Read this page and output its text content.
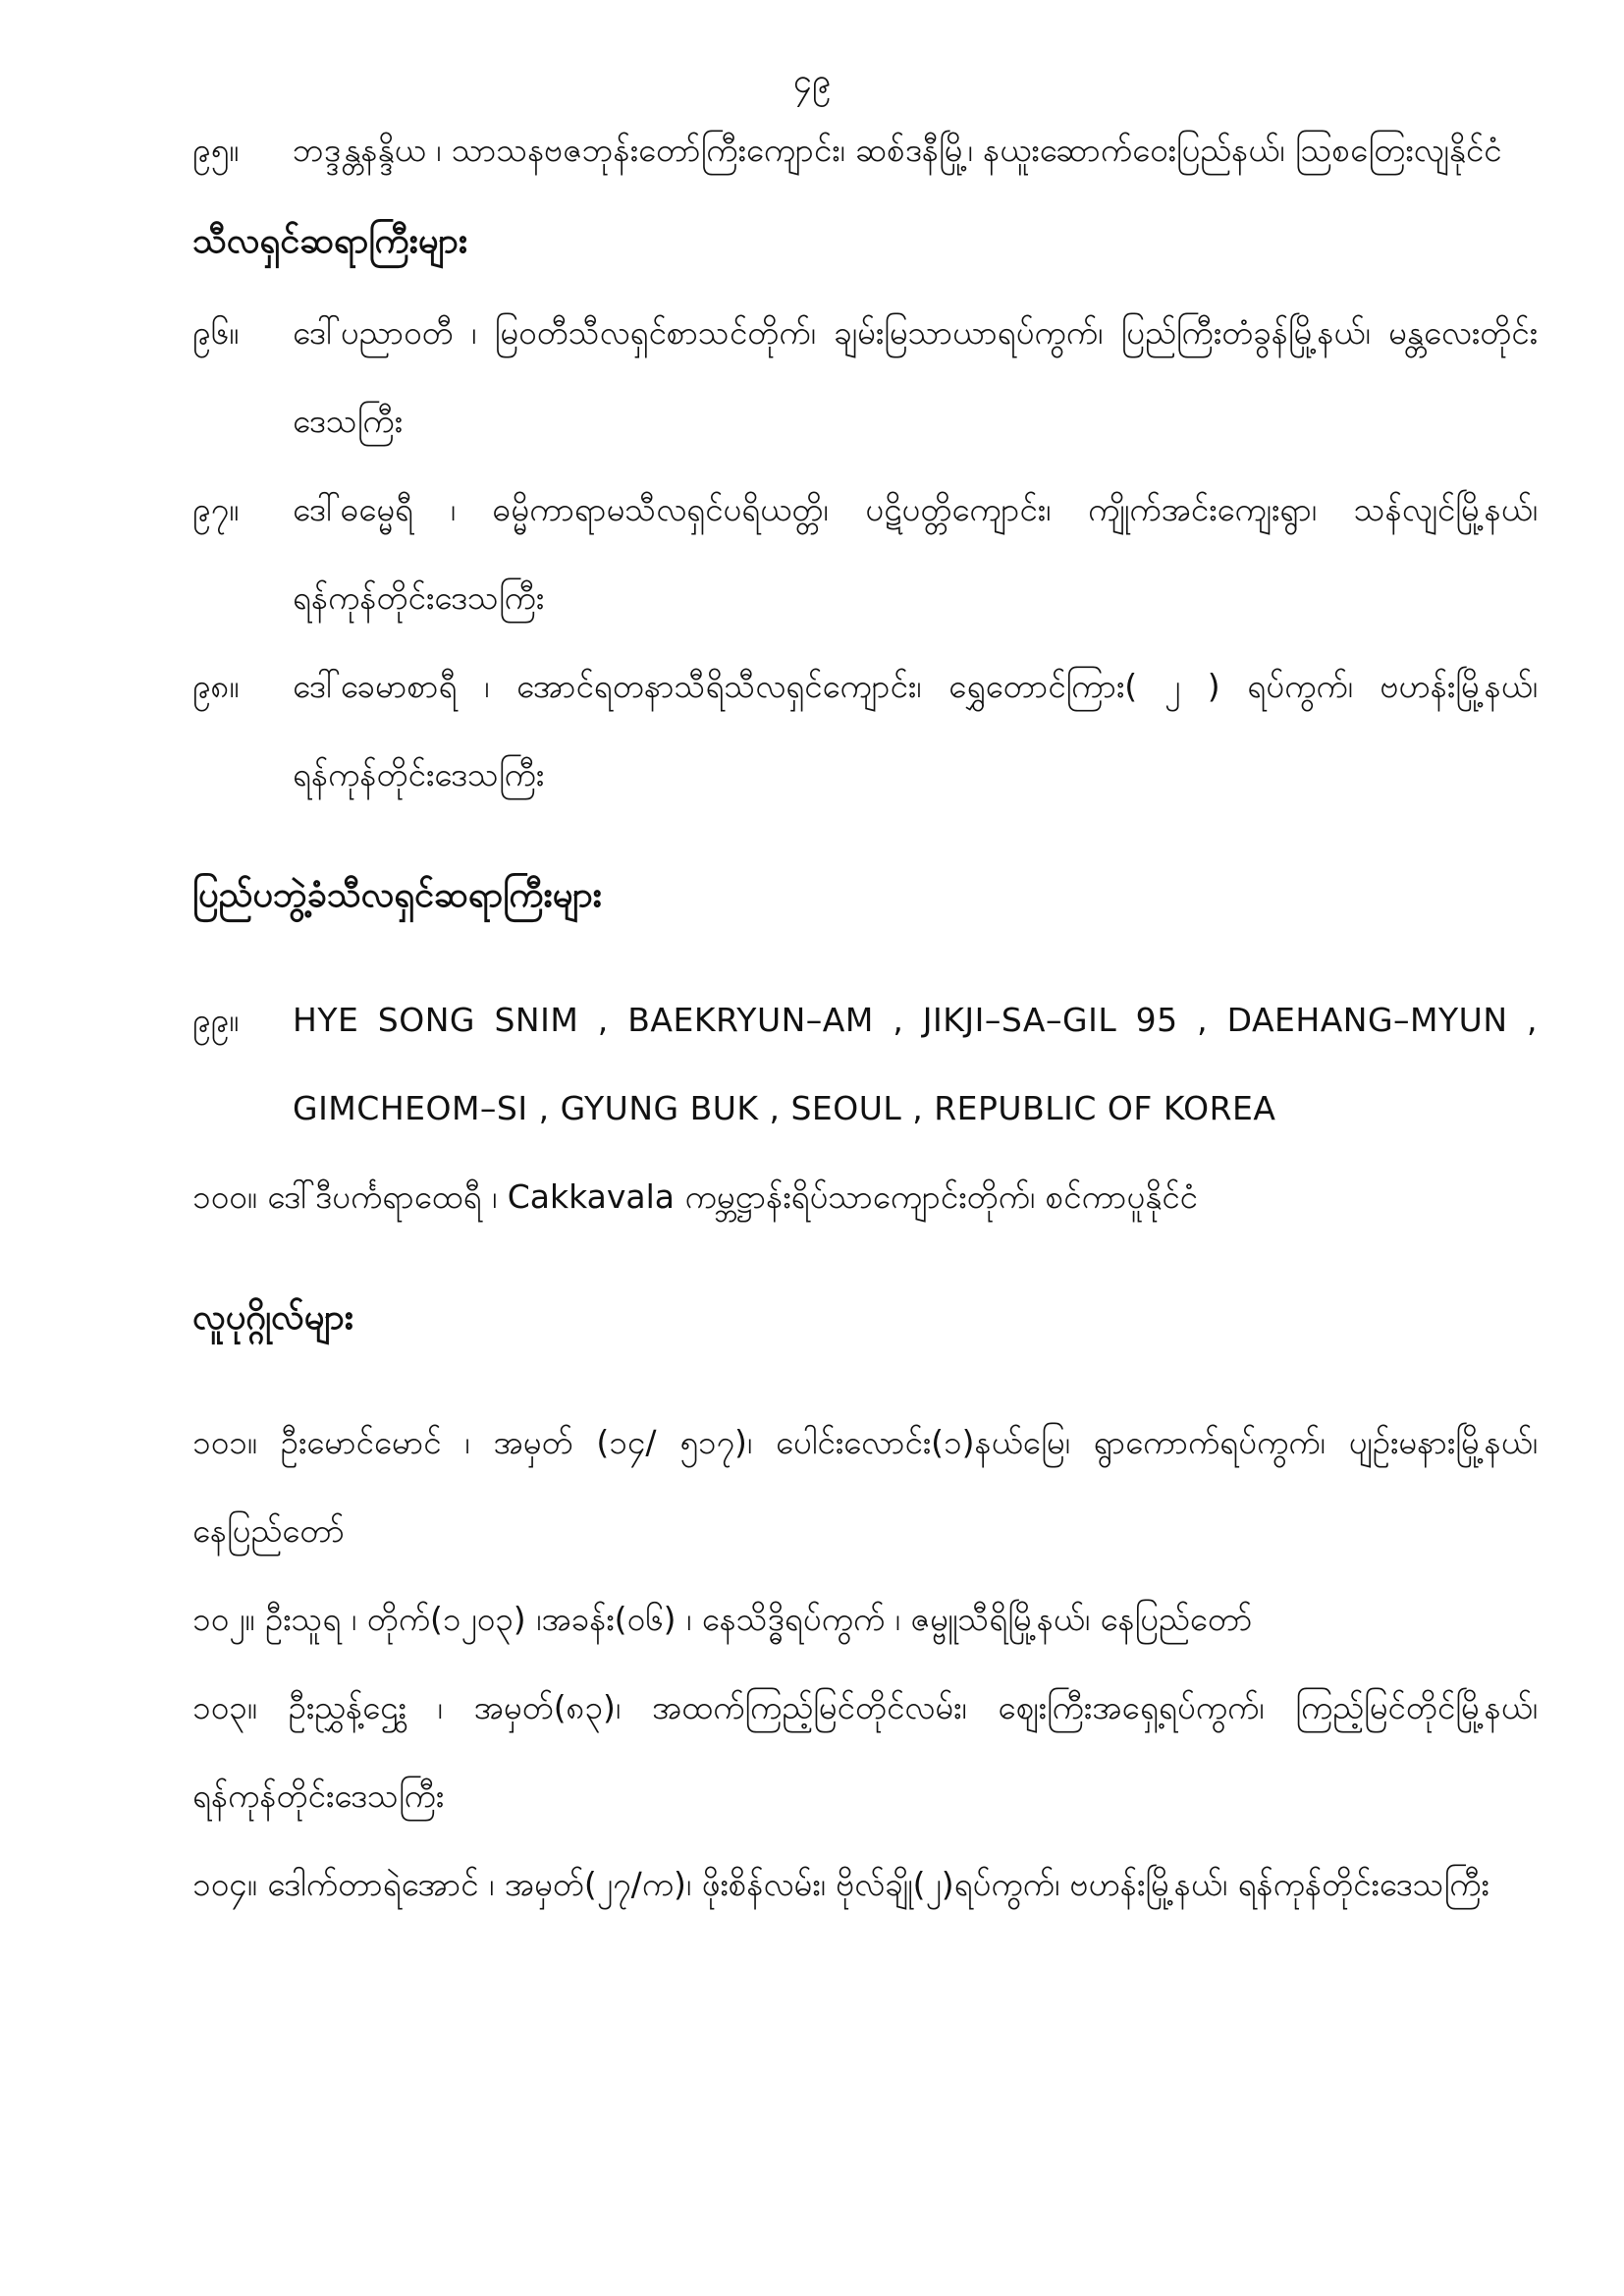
၄၉
၉၅။ ဘဒ္ဒန္တနန္ဒိယ ၊ သာသနဗဇဘုန်းတော်ကြီးကျောင်း၊ ဆစ်ဒနီမြို့၊ နယူးဆောက်ဝေးပြည်နယ်၊ ဩစတြေးလျနိုင်ငံ
သီလရှင်ဆရာကြီးများ
၉၆။ ဒေါ်ပညာဝတီ ၊ မြဝတီသီလရှင်စာသင်တိုက်၊ ချမ်းမြသာယာရပ်ကွက်၊ ပြည်ကြီးတံခွန်မြို့နယ်၊ မန္တလေးတိုင်းဒေသကြီး
၉၇။ ဒေါ်ဓမ္မေရီ ၊ ဓမ္မိကာရာမသီလရှင်ပရိယတ္တိ၊ ပဋိပတ္တိကျောင်း၊ ကျိုက်အင်းကျေးရွာ၊ သန်လျင်မြို့နယ်၊ ရန်ကုန်တိုင်းဒေသကြီး
၉၈။ ဒေါ်ခေမာစာရီ ၊ အောင်ရတနာသီရိသီလရှင်ကျောင်း၊ ရွှေတောင်ကြား( ၂ ) ရပ်ကွက်၊ ဗဟန်းမြို့နယ်၊ ရန်ကုန်တိုင်းဒေသကြီး
ပြည်ပဘွဲ့ခံသီလရှင်ဆရာကြီးများ
၉၉။ HYE SONG SNIM , BAEKRYUN–AM , JIKJI–SA–GIL 95 , DAEHANG–MYUN , GIMCHEOM–SI , GYUNG BUK , SEOUL , REPUBLIC OF KOREA
၁၀၀။ ဒေါ်ဒီပင်္ကရာထေရီ ၊ Cakkavala ကမ္ဘဋ္ဌာန်းရိပ်သာကျောင်းတိုက်၊ စင်ကာပူနိုင်ငံ
လူပုဂ္ဂိုလ်များ
၁၀၁။ ဦးမောင်မောင် ၊ အမှတ် (၁၄/ ၅၁၇)၊ ပေါင်းလောင်း(၁)နယ်မြေ၊ ရွာကောက်ရပ်ကွက်၊ ပျဉ်းမနားမြို့နယ်၊ နေပြည်တော်
၁၀၂။ ဦးသူရ ၊ တိုက်(၁၂၀၃) ၊အခန်း(၀၆) ၊ နေသိဒ္ဓိရပ်ကွက် ၊ ဇမ္ဗူသီရိမြို့နယ်၊ နေပြည်တော်
၁၀၃။ ဦးညွှန့်ဌွေး ၊ အမှတ်(၈၃)၊ အထက်ကြည့်မြင်တိုင်လမ်း၊ ဈေးကြီးအရှေ့ရပ်ကွက်၊ ကြည့်မြင်တိုင်မြို့နယ်၊ ရန်ကုန်တိုင်းဒေသကြီး
၁၀၄။ ဒေါက်တာရဲအောင် ၊ အမှတ်(၂၇/က)၊ ဖိုးစိန်လမ်း၊ ဗိုလ်ချို(၂)ရပ်ကွက်၊ ဗဟန်းမြို့နယ်၊ ရန်ကုန်တိုင်းဒေသကြီး
